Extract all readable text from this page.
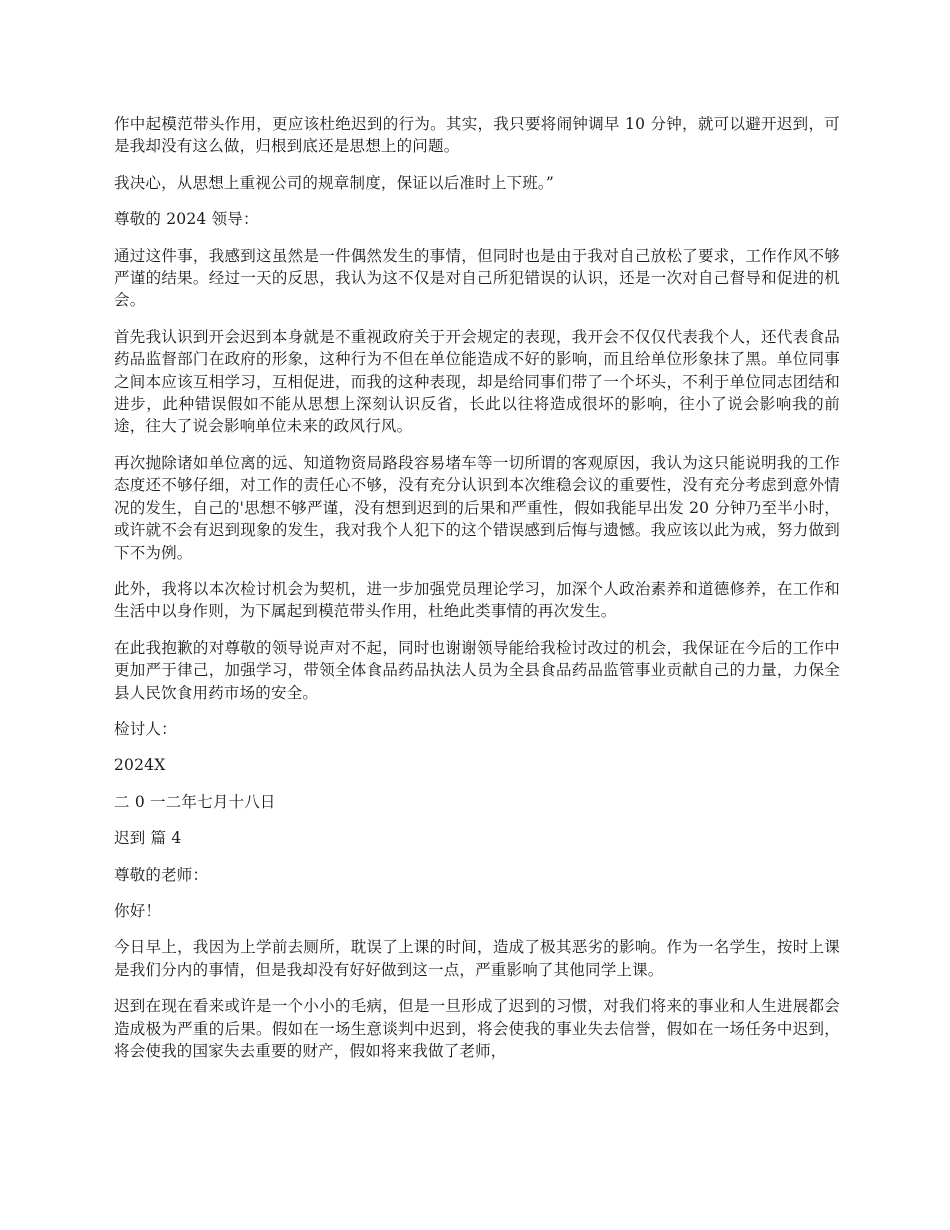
作中起模范带头作用，更应该杜绝迟到的行为。其实，我只要将闹钟调早 10 分钟，就可以避开迟到，可是我却没有这么做，归根到底还是思想上的问题。

我决心，从思想上重视公司的规章制度，保证以后准时上下班。”

尊敬的 2024 领导：

通过这件事，我感到这虽然是一件偶然发生的事情，但同时也是由于我对自己放松了要求，工作作风不够严谨的结果。经过一天的反思，我认为这不仅是对自己所犯错误的认识，还是一次对自己督导和促进的机会。

首先我认识到开会迟到本身就是不重视政府关于开会规定的表现，我开会不仅仅代表我个人，还代表食品药品监督部门在政府的形象，这种行为不但在单位能造成不好的影响，而且给单位形象抹了黑。单位同事之间本应该互相学习，互相促进，而我的这种表现，却是给同事们带了一个坏头，不利于单位同志团结和进步，此种错误假如不能从思想上深刻认识反省，长此以往将造成很坏的影响，往小了说会影响我的前途，往大了说会影响单位未来的政风行风。

再次抛除诸如单位离的远、知道物资局路段容易堵车等一切所谓的客观原因，我认为这只能说明我的工作态度还不够仔细，对工作的责任心不够，没有充分认识到本次维稳会议的重要性，没有充分考虑到意外情况的发生，自己的'思想不够严谨，没有想到迟到的后果和严重性，假如我能早出发 20 分钟乃至半小时，或许就不会有迟到现象的发生，我对我个人犯下的这个错误感到后悔与遗憾。我应该以此为戒，努力做到下不为例。

此外，我将以本次检讨机会为契机，进一步加强党员理论学习，加深个人政治素养和道德修养，在工作和生活中以身作则，为下属起到模范带头作用，杜绝此类事情的再次发生。

在此我抱歉的对尊敬的领导说声对不起，同时也谢谢领导能给我检讨改过的机会，我保证在今后的工作中更加严于律己，加强学习，带领全体食品药品执法人员为全县食品药品监管事业贡献自己的力量，力保全县人民饮食用药市场的安全。

检讨人：

2024X

二 0 一二年七月十八日

迟到 篇 4

尊敬的老师：

你好！

今日早上，我因为上学前去厕所，耽误了上课的时间，造成了极其恶劣的影响。作为一名学生，按时上课是我们分内的事情，但是我却没有好好做到这一点，严重影响了其他同学上课。

迟到在现在看来或许是一个小小的毛病，但是一旦形成了迟到的习惯，对我们将来的事业和人生进展都会造成极为严重的后果。假如在一场生意谈判中迟到，将会使我的事业失去信誉，假如在一场任务中迟到，将会使我的国家失去重要的财产，假如将来我做了老师，
